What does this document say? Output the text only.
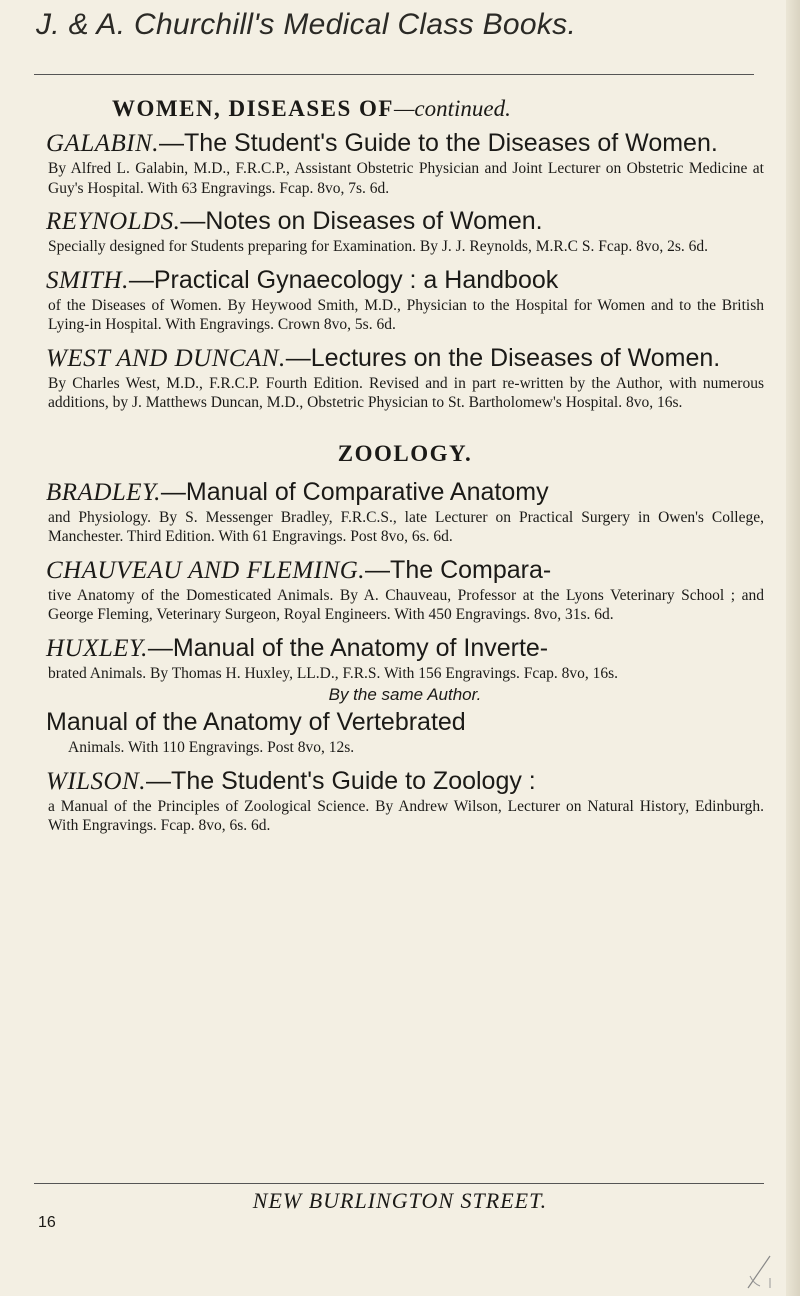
J. & A. Churchill's Medical Class Books.
WOMEN, DISEASES OF—continued.
GALABIN.—The Student's Guide to the Diseases of Women.
By Alfred L. Galabin, M.D., F.R.C.P., Assistant Obstetric Physician and Joint Lecturer on Obstetric Medicine at Guy's Hospital. With 63 Engravings. Fcap. 8vo, 7s. 6d.
REYNOLDS.—Notes on Diseases of Women.
Specially designed for Students preparing for Examination. By J. J. Reynolds, M.R.C S. Fcap. 8vo, 2s. 6d.
SMITH.—Practical Gynaecology : a Handbook
of the Diseases of Women. By Heywood Smith, M.D., Physician to the Hospital for Women and to the British Lying-in Hospital. With Engravings. Crown 8vo, 5s. 6d.
WEST AND DUNCAN.—Lectures on the Diseases of Women.
By Charles West, M.D., F.R.C.P. Fourth Edition. Revised and in part re-written by the Author, with numerous additions, by J. Matthews Duncan, M.D., Obstetric Physician to St. Bartholomew's Hospital. 8vo, 16s.
ZOOLOGY.
BRADLEY.—Manual of Comparative Anatomy
and Physiology. By S. Messenger Bradley, F.R.C.S., late Lecturer on Practical Surgery in Owen's College, Manchester. Third Edition. With 61 Engravings. Post 8vo, 6s. 6d.
CHAUVEAU AND FLEMING.—The Compara-
tive Anatomy of the Domesticated Animals. By A. Chauveau, Professor at the Lyons Veterinary School ; and George Fleming, Veterinary Surgeon, Royal Engineers. With 450 Engravings. 8vo, 31s. 6d.
HUXLEY.—Manual of the Anatomy of Inverte-
brated Animals. By Thomas H. Huxley, LL.D., F.R.S. With 156 Engravings. Fcap. 8vo, 16s.
By the same Author.
Manual of the Anatomy of Vertebrated
Animals. With 110 Engravings. Post 8vo, 12s.
WILSON.—The Student's Guide to Zoology :
a Manual of the Principles of Zoological Science. By Andrew Wilson, Lecturer on Natural History, Edinburgh. With Engravings. Fcap. 8vo, 6s. 6d.
NEW BURLINGTON STREET.
16
